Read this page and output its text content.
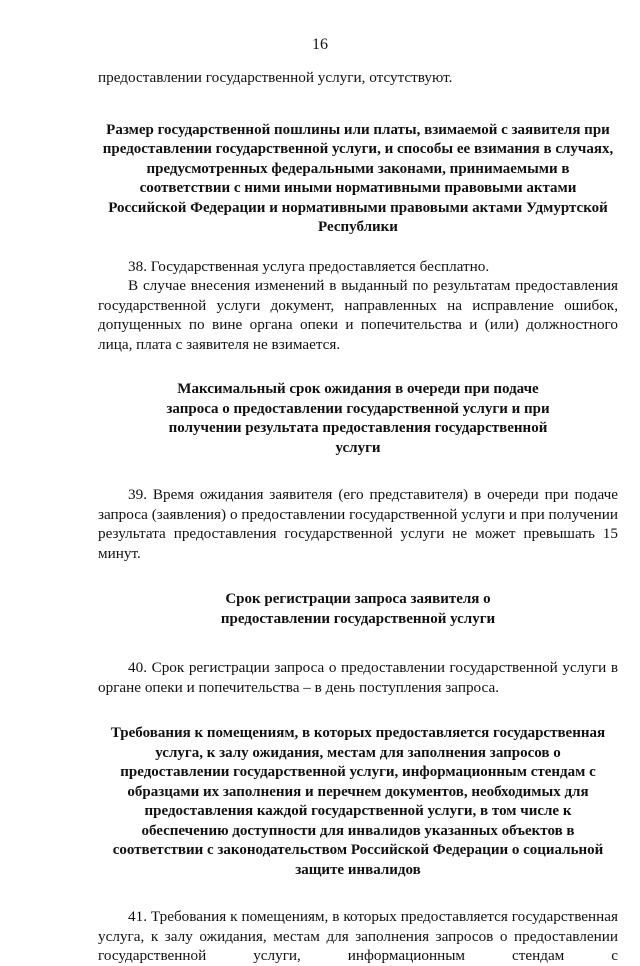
16

предоставлении государственной услуги, отсутствуют.

Размер государственной пошлины или платы, взимаемой с заявителя при предоставлении государственной услуги, и способы ее взимания в случаях, предусмотренных федеральными законами, принимаемыми в соответствии с ними иными нормативными правовыми актами Российской Федерации и нормативными правовыми актами Удмуртской Республики

38. Государственная услуга предоставляется бесплатно.

В случае внесения изменений в выданный по результатам предоставления государственной услуги документ, направленных на исправление ошибок, допущенных по вине органа опеки и попечительства и (или) должностного лица, плата с заявителя не взимается.

Максимальный срок ожидания в очереди при подаче запроса о предоставлении государственной услуги и при получении результата предоставления государственной услуги

39. Время ожидания заявителя (его представителя) в очереди при подаче запроса (заявления) о предоставлении государственной услуги и при получении результата предоставления государственной услуги не может превышать 15 минут.

Срок регистрации запроса заявителя о предоставлении государственной услуги

40. Срок регистрации запроса о предоставлении государственной услуги в органе опеки и попечительства – в день поступления запроса.

Требования к помещениям, в которых предоставляется государственная услуга, к залу ожидания, местам для заполнения запросов о предоставлении государственной услуги, информационным стендам с образцами их заполнения и перечнем документов, необходимых для предоставления каждой государственной услуги, в том числе к обеспечению доступности для инвалидов указанных объектов в соответствии с законодательством Российской Федерации о социальной защите инвалидов

41. Требования к помещениям, в которых предоставляется государственная услуга, к залу ожидания, местам для заполнения запросов о предоставлении государственной услуги, информационным стендам с
